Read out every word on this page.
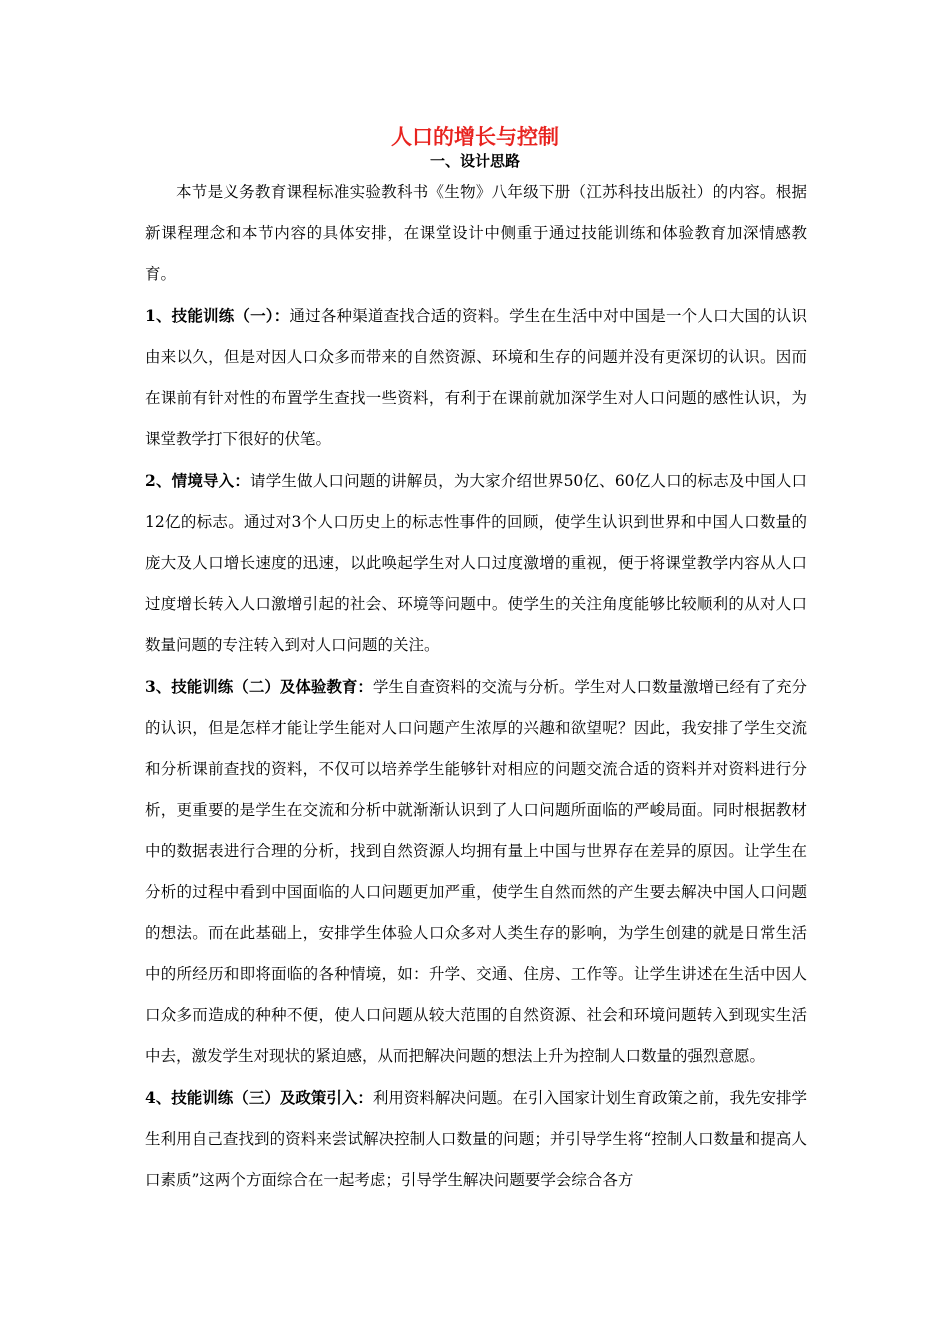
人口的增长与控制
一、设计思路

本节是义务教育课程标准实验教科书《生物》八年级下册（江苏科技出版社）的内容。根据新课程理念和本节内容的具体安排，在课堂设计中侧重于通过技能训练和体验教育加深情感教育。

1、技能训练（一）：通过各种渠道查找合适的资料。学生在生活中对中国是一个人口大国的认识由来以久，但是对因人口众多而带来的自然资源、环境和生存的问题并没有更深切的认识。因而在课前有针对性的布置学生查找一些资料，有利于在课前就加深学生对人口问题的感性认识，为课堂教学打下很好的伏笔。

2、情境导入：请学生做人口问题的讲解员，为大家介绍世界50亿、60亿人口的标志及中国人口12亿的标志。通过对3个人口历史上的标志性事件的回顾，使学生认识到世界和中国人口数量的庞大及人口增长速度的迅速，以此唤起学生对人口过度激增的重视，便于将课堂教学内容从人口过度增长转入人口激增引起的社会、环境等问题中。使学生的关注角度能够比较顺利的从对人口数量问题的专注转入到对人口问题的关注。

3、技能训练（二）及体验教育：学生自查资料的交流与分析。学生对人口数量激增已经有了充分的认识，但是怎样才能让学生能对人口问题产生浓厚的兴趣和欲望呢？因此，我安排了学生交流和分析课前查找的资料，不仅可以培养学生能够针对相应的问题交流合适的资料并对资料进行分析，更重要的是学生在交流和分析中就渐渐认识到了人口问题所面临的严峻局面。同时根据教材中的数据表进行合理的分析，找到自然资源人均拥有量上中国与世界存在差异的原因。让学生在分析的过程中看到中国面临的人口问题更加严重，使学生自然而然的产生要去解决中国人口问题的想法。而在此基础上，安排学生体验人口众多对人类生存的影响，为学生创建的就是日常生活中的所经历和即将面临的各种情境，如：升学、交通、住房、工作等。让学生讲述在生活中因人口众多而造成的种种不便，使人口问题从较大范围的自然资源、社会和环境问题转入到现实生活中去，激发学生对现状的紧迫感，从而把解决问题的想法上升为控制人口数量的强烈意愿。

4、技能训练（三）及政策引入：利用资料解决问题。在引入国家计划生育政策之前，我先安排学生利用自己查找到的资料来尝试解决控制人口数量的问题；并引导学生将“控制人口数量和提高人口素质”这两个方面综合在一起考虑；引导学生解决问题要学会综合各方
